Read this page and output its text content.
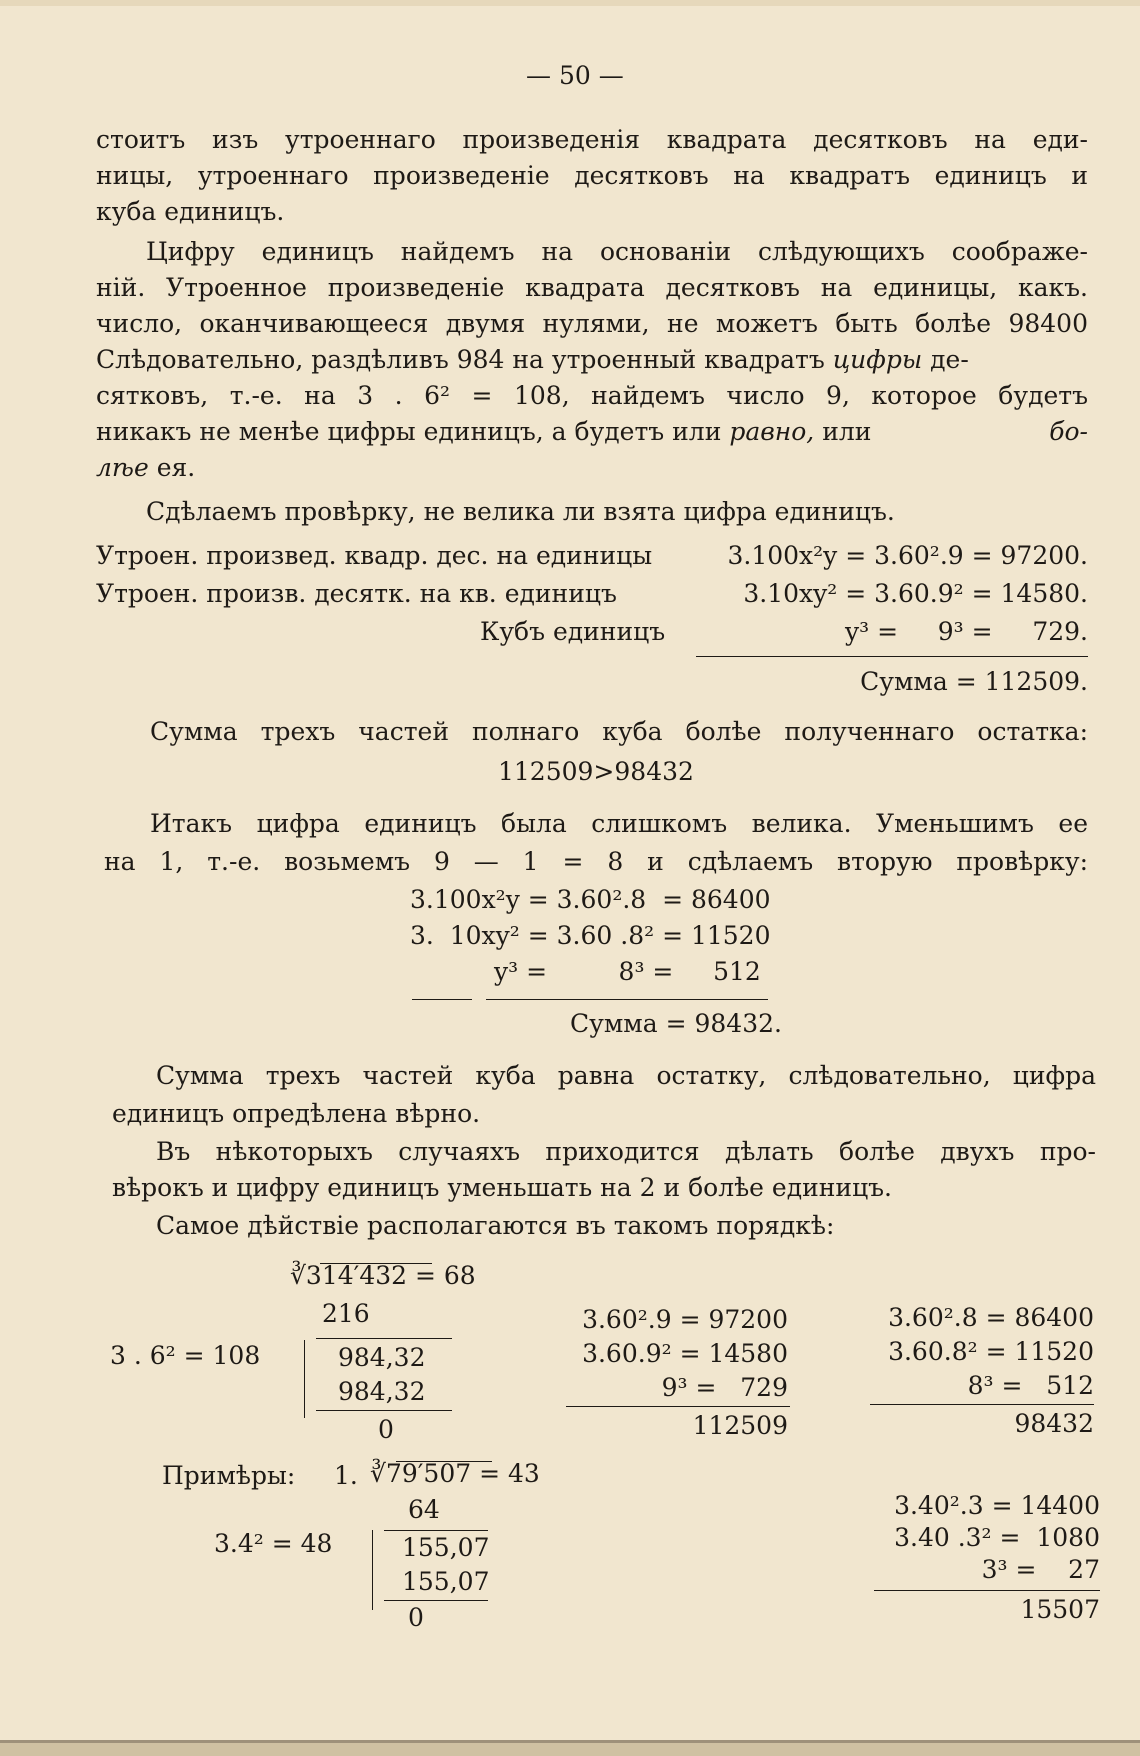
— 50 —
стоитъ изъ утроеннаго произведенія квадрата десятковъ на еди-
ницы, утроеннаго произведеніе десятковъ на квадратъ единицъ и
куба единицъ.
Цифру единицъ найдемъ на основаніи слѣдующихъ соображе-
ній. Утроенное произведеніе квадрата десятковъ на единицы, какъ.
число, оканчивающееся двумя нулями, не можетъ быть болѣе 98400
Слѣдовательно, раздѣливъ 984 на утроенный квадратъ цифры де-
сятковъ, т.-е. на 3 . 6² = 108, найдемъ число 9, которое будетъ
никакъ не менѣе цифры единицъ, а будетъ или равно, или	бо-
лѣе ея.
Сдѣлаемъ провѣрку, не велика ли взята цифра единицъ.
Утроен. произвед. квадр. дес. на единицы	3.100x²y = 3.60².9 = 97200.
Утроен. произв. десятк. на кв. единицъ	3.10xy² = 3.60.9² = 14580.
Кубъ единицъ	y³ =     9³ =     729.
Сумма = 112509.
Сумма трехъ частей полнаго куба болѣе полученнаго остатка:
112509>98432
Итакъ цифра единицъ была слишкомъ велика. Уменьшимъ ее
на 1, т.-е. возьмемъ 9 — 1 = 8 и сдѣлаемъ вторую провѣрку:
3.100x²y = 3.60².8  = 86400
3.  10xy² = 3.60 .8² = 11520
y³ =         8³ =     512
Сумма = 98432.
Сумма трехъ частей куба равна остатку, слѣдовательно, цифра
единицъ опредѣлена вѣрно.
Въ нѣкоторыхъ случаяхъ приходится дѣлать болѣе двухъ про-
вѣрокъ и цифру единицъ уменьшать на 2 и болѣе единицъ.
Самое дѣйствіе располагаются въ такомъ порядкѣ:
∛314′432 = 68
216
3 . 6² = 108	984,32
984,32
0
3.60².9 = 97200
3.60.9² = 14580
9³ =   729
112509
3.60².8 = 86400
3.60.8² = 11520
8³ =   512
98432
Примѣры: 1. ∛79′507 = 43
64
3.4² = 48	155,07
155,07
0
3.40².3 = 14400
3.40 .3² =  1080
3³ =    27
15507
